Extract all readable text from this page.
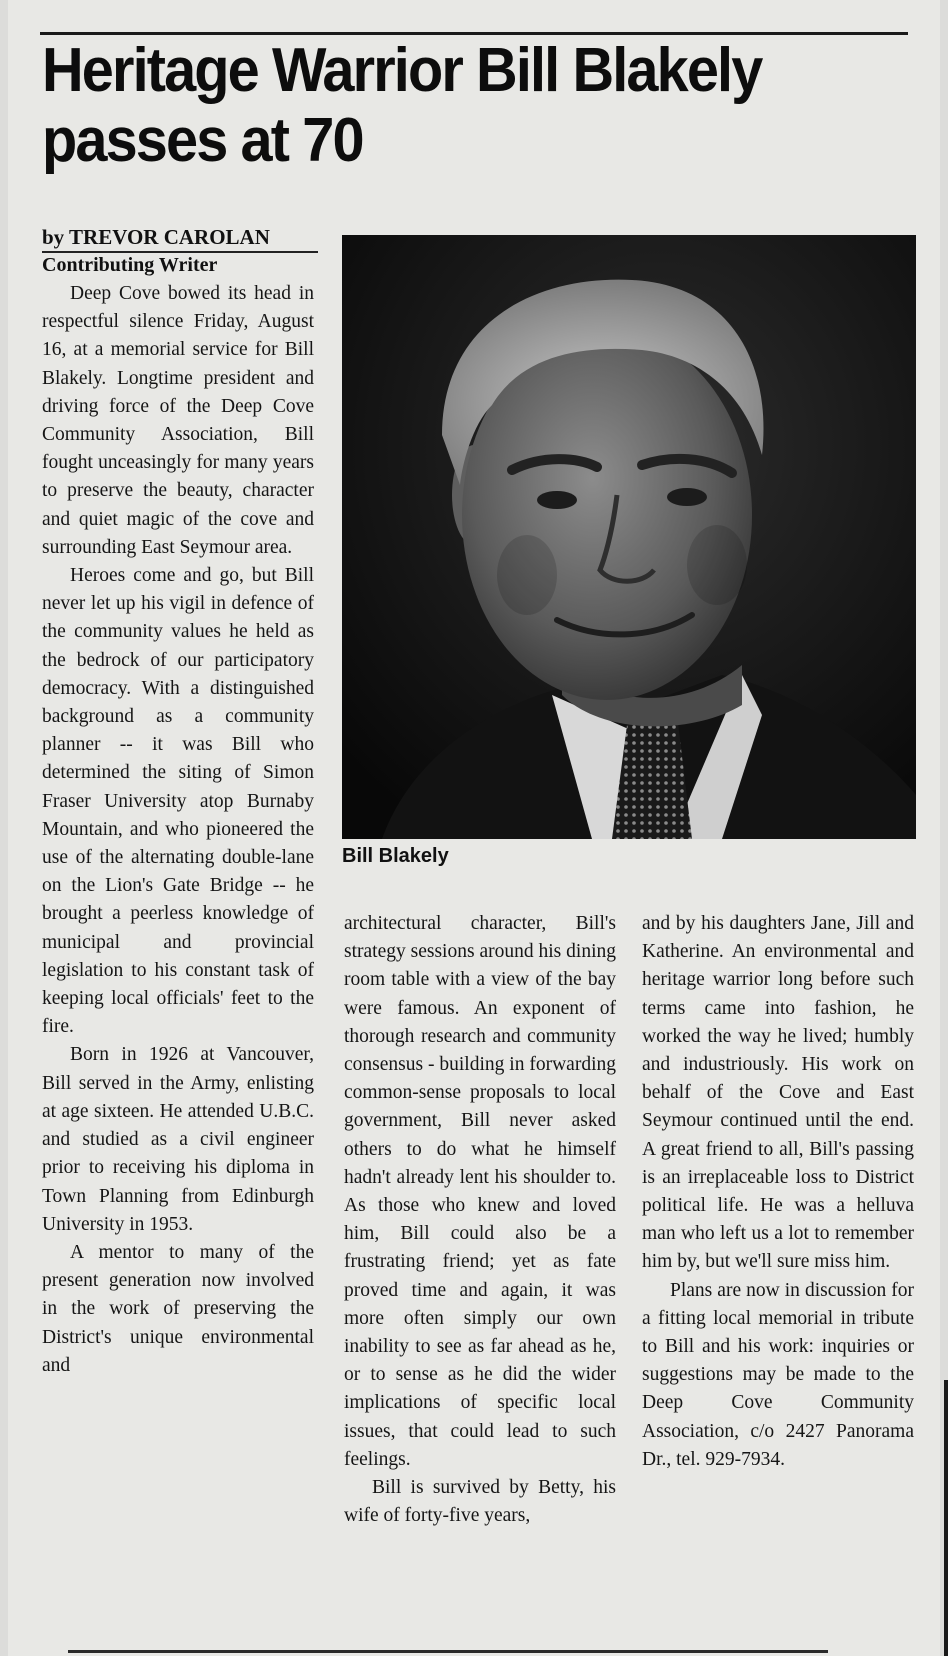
Heritage Warrior Bill Blakely passes at 70
by TREVOR CAROLAN
Contributing Writer

Deep Cove bowed its head in respectful silence Friday, August 16, at a memorial service for Bill Blakely. Longtime president and driving force of the Deep Cove Community Association, Bill fought unceasingly for many years to preserve the beauty, character and quiet magic of the cove and surrounding East Seymour area.

Heroes come and go, but Bill never let up his vigil in defence of the community values he held as the bedrock of our participatory democracy. With a distinguished background as a community planner -- it was Bill who determined the siting of Simon Fraser University atop Burnaby Mountain, and who pioneered the use of the alternating double-lane on the Lion's Gate Bridge -- he brought a peerless knowledge of municipal and provincial legislation to his constant task of keeping local officials' feet to the fire.

Born in 1926 at Vancouver, Bill served in the Army, enlisting at age sixteen. He attended U.B.C. and studied as a civil engineer prior to receiving his diploma in Town Planning from Edinburgh University in 1953.

A mentor to many of the present generation now involved in the work of preserving the District's unique environmental and

Bill Blakely

architectural character, Bill's strategy sessions around his dining room table with a view of the bay were famous. An exponent of thorough research and community consensus - building in forwarding common-sense proposals to local government, Bill never asked others to do what he himself hadn't already lent his shoulder to. As those who knew and loved him, Bill could also be a frustrating friend; yet as fate proved time and again, it was more often simply our own inability to see as far ahead as he, or to sense as he did the wider implications of specific local issues, that could lead to such feelings.

Bill is survived by Betty, his wife of forty-five years,

and by his daughters Jane, Jill and Katherine. An environmental and heritage warrior long before such terms came into fashion, he worked the way he lived; humbly and industriously. His work on behalf of the Cove and East Seymour continued until the end. A great friend to all, Bill's passing is an irreplaceable loss to District political life. He was a helluva man who left us a lot to remember him by, but we'll sure miss him.

Plans are now in discussion for a fitting local memorial in tribute to Bill and his work: inquiries or suggestions may be made to the Deep Cove Community Association, c/o 2427 Panorama Dr., tel. 929-7934.
